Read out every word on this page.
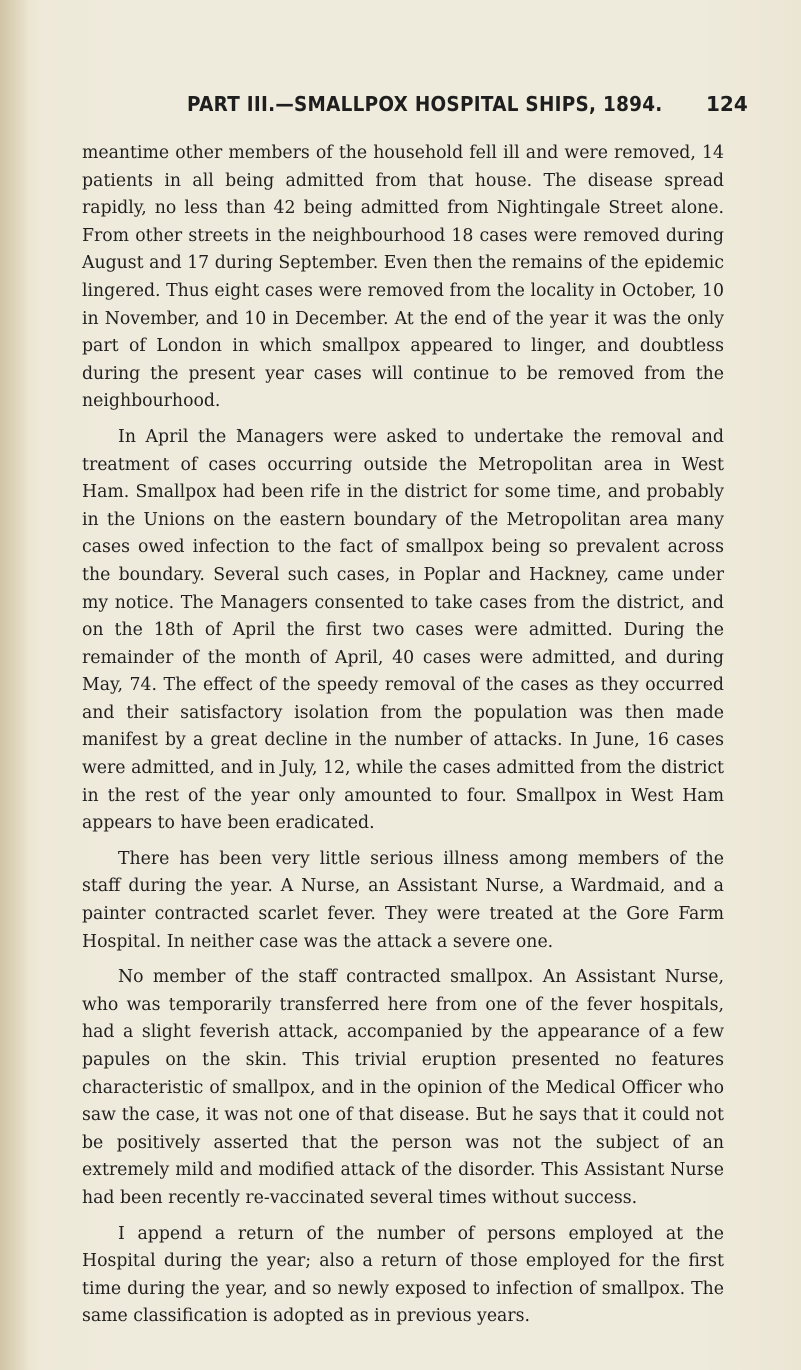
PART III.—SMALLPOX HOSPITAL SHIPS, 1894. 124

meantime other members of the household fell ill and were removed, 14 patients in all being admitted from that house. The disease spread rapidly, no less than 42 being admitted from Nightingale Street alone. From other streets in the neighbourhood 18 cases were removed during August and 17 during September. Even then the remains of the epidemic lingered. Thus eight cases were removed from the locality in October, 10 in November, and 10 in December. At the end of the year it was the only part of London in which smallpox appeared to linger, and doubtless during the present year cases will continue to be removed from the neighbourhood.

In April the Managers were asked to undertake the removal and treatment of cases occurring outside the Metropolitan area in West Ham. Smallpox had been rife in the district for some time, and probably in the Unions on the eastern boundary of the Metropolitan area many cases owed infection to the fact of smallpox being so prevalent across the boundary. Several such cases, in Poplar and Hackney, came under my notice. The Managers consented to take cases from the district, and on the 18th of April the first two cases were admitted. During the remainder of the month of April, 40 cases were admitted, and during May, 74. The effect of the speedy removal of the cases as they occurred and their satisfactory isolation from the population was then made manifest by a great decline in the number of attacks. In June, 16 cases were admitted, and in July, 12, while the cases admitted from the district in the rest of the year only amounted to four. Smallpox in West Ham appears to have been eradicated.

There has been very little serious illness among members of the staff during the year. A Nurse, an Assistant Nurse, a Wardmaid, and a painter contracted scarlet fever. They were treated at the Gore Farm Hospital. In neither case was the attack a severe one.

No member of the staff contracted smallpox. An Assistant Nurse, who was temporarily transferred here from one of the fever hospitals, had a slight feverish attack, accompanied by the appearance of a few papules on the skin. This trivial eruption presented no features characteristic of smallpox, and in the opinion of the Medical Officer who saw the case, it was not one of that disease. But he says that it could not be positively asserted that the person was not the subject of an extremely mild and modified attack of the disorder. This Assistant Nurse had been recently re-vaccinated several times without success.

I append a return of the number of persons employed at the Hospital during the year; also a return of those employed for the first time during the year, and so newly exposed to infection of smallpox. The same classification is adopted as in previous years.
